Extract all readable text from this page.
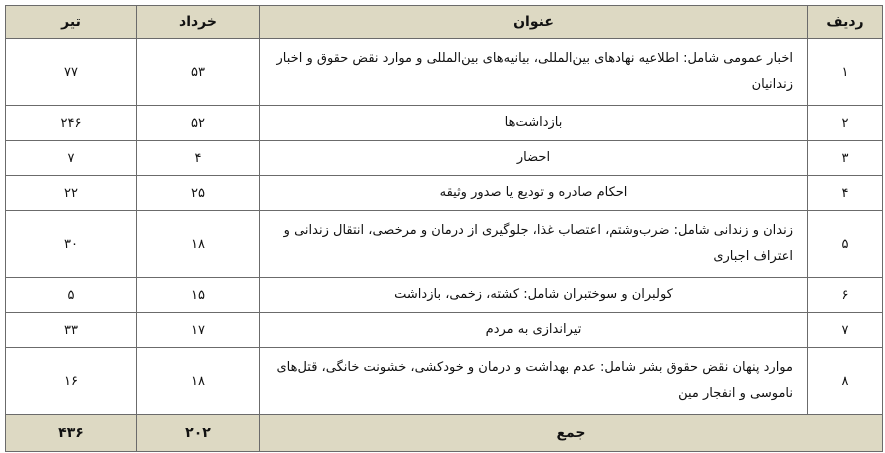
ردیف	عنوان	خرداد	تیر
۱	اخبار عمومی شامل: اطلاعیه نهادهای بین‌المللی، بیانیه‌های بین‌المللی و موارد نقض حقوق و اخبار زندانیان	۵۳	۷۷
۲	بازداشت‌ها	۵۲	۲۴۶
۳	احضار	۴	۷
۴	احکام صادره و تودیع یا صدور وثیقه	۲۵	۲۲
۵	زندان و زندانی شامل: ضرب‌وشتم، اعتصاب غذا، جلوگیری از درمان و مرخصی، انتقال زندانی و اعتراف اجباری	۱۸	۳۰
۶	کولبران و سوختبران شامل: کشته، زخمی، بازداشت	۱۵	۵
۷	تیراندازی به مردم	۱۷	۳۳
۸	موارد پنهان نقض حقوق بشر شامل: عدم بهداشت و درمان و خودکشی، خشونت خانگی، قتل‌های ناموسی و انفجار مین	۱۸	۱۶
جمع		۲۰۲	۴۳۶
